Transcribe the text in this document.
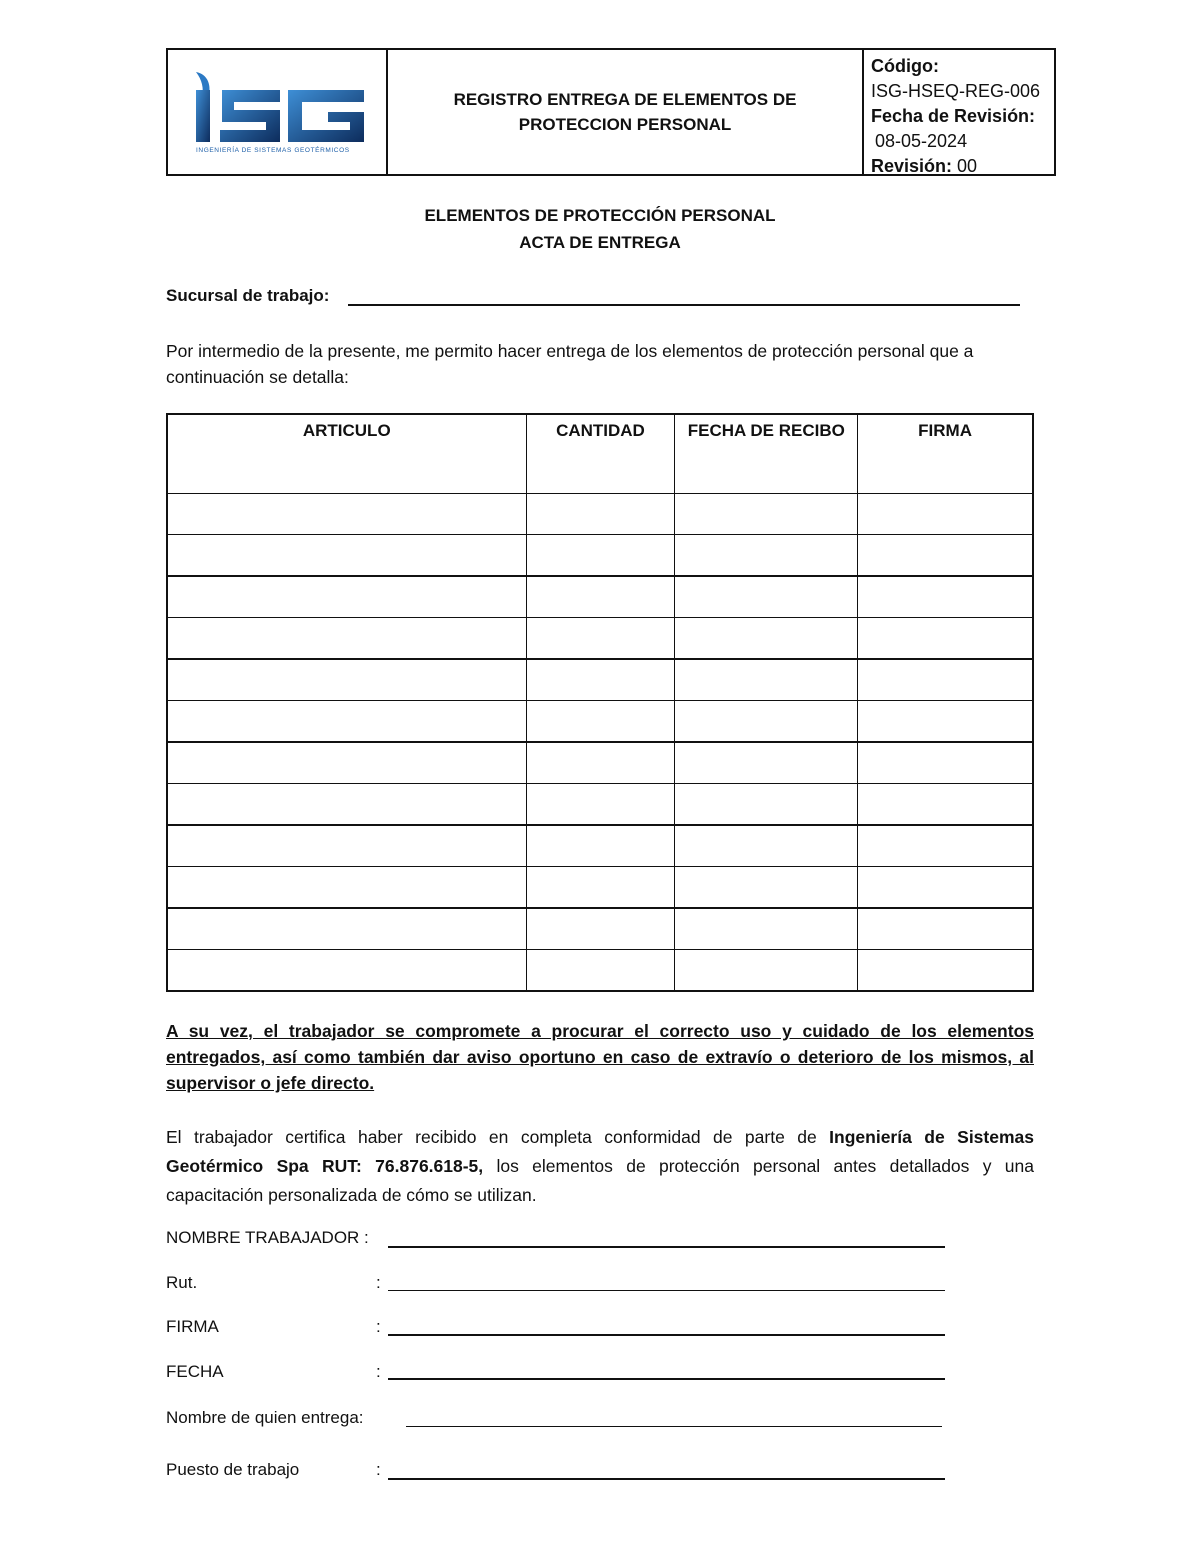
INGENIERÍA DE SISTEMAS GEOTÉRMICOS
REGISTRO ENTREGA DE ELEMENTOS DE
PROTECCION PERSONAL
Código:
ISG-HSEQ-REG-006
Fecha de Revisión:
08-05-2024
Revisión: 00
ELEMENTOS DE PROTECCIÓN PERSONAL
ACTA DE ENTREGA
Sucursal de trabajo:
Por intermedio de la presente, me permito hacer entrega de los elementos de protección personal que a continuación se detalla:
ARTICULO	CANTIDAD	FECHA DE RECIBO	FIRMA

A su vez, el trabajador se compromete a procurar el correcto uso y cuidado de los elementos entregados, así como también dar aviso oportuno en caso de extravío o deterioro de los mismos, al supervisor o jefe directo.
El trabajador certifica haber recibido en completa conformidad de parte de Ingeniería de Sistemas Geotérmico Spa RUT: 76.876.618-5, los elementos de protección personal antes detallados y una capacitación personalizada de cómo se utilizan.
NOMBRE TRABAJADOR :
Rut.	:
FIRMA	:
FECHA	:
Nombre de quien entrega:
Puesto de trabajo	:
